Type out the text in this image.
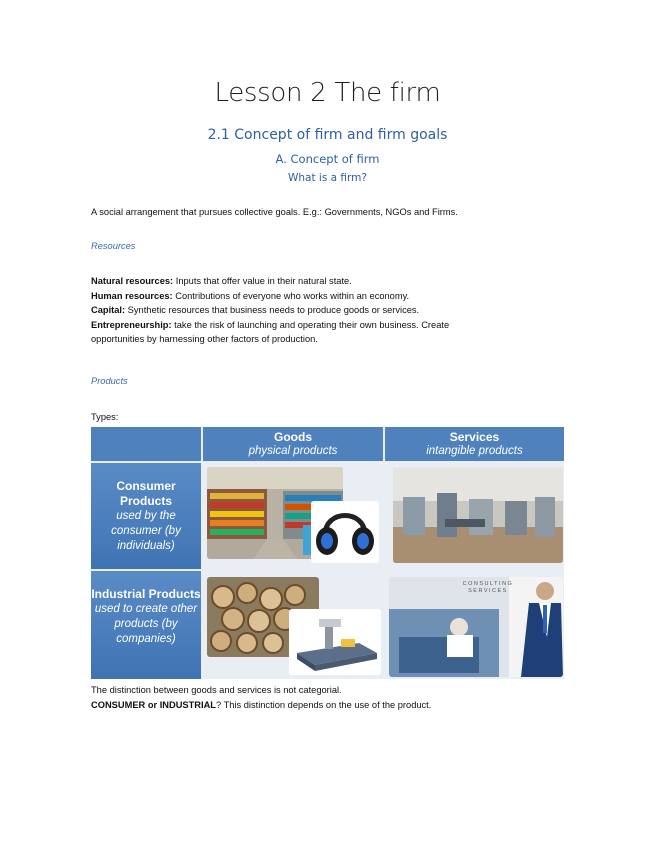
Lesson 2 The firm
2.1 Concept of firm and firm goals
A. Concept of firm
What is a firm?
A social arrangement that pursues collective goals. E.g.: Governments, NGOs and Firms.
Resources
Natural resources: Inputs that offer value in their natural state.
Human resources: Contributions of everyone who works within an economy.
Capital: Synthetic resources that business needs to produce goods or services.
Entrepreneurship: take the risk of launching and operating their own business. Create
opportunities by harnessing other factors of production.
Products
Types:
Goods
physical products
Services
intangible products
Consumer Products
used by the consumer (by individuals)
Industrial Products
used to create other products (by companies)
CONSULTING SERVICES
The distinction between goods and services is not categorial.
CONSUMER or INDUSTRIAL? This distinction depends on the use of the product.
